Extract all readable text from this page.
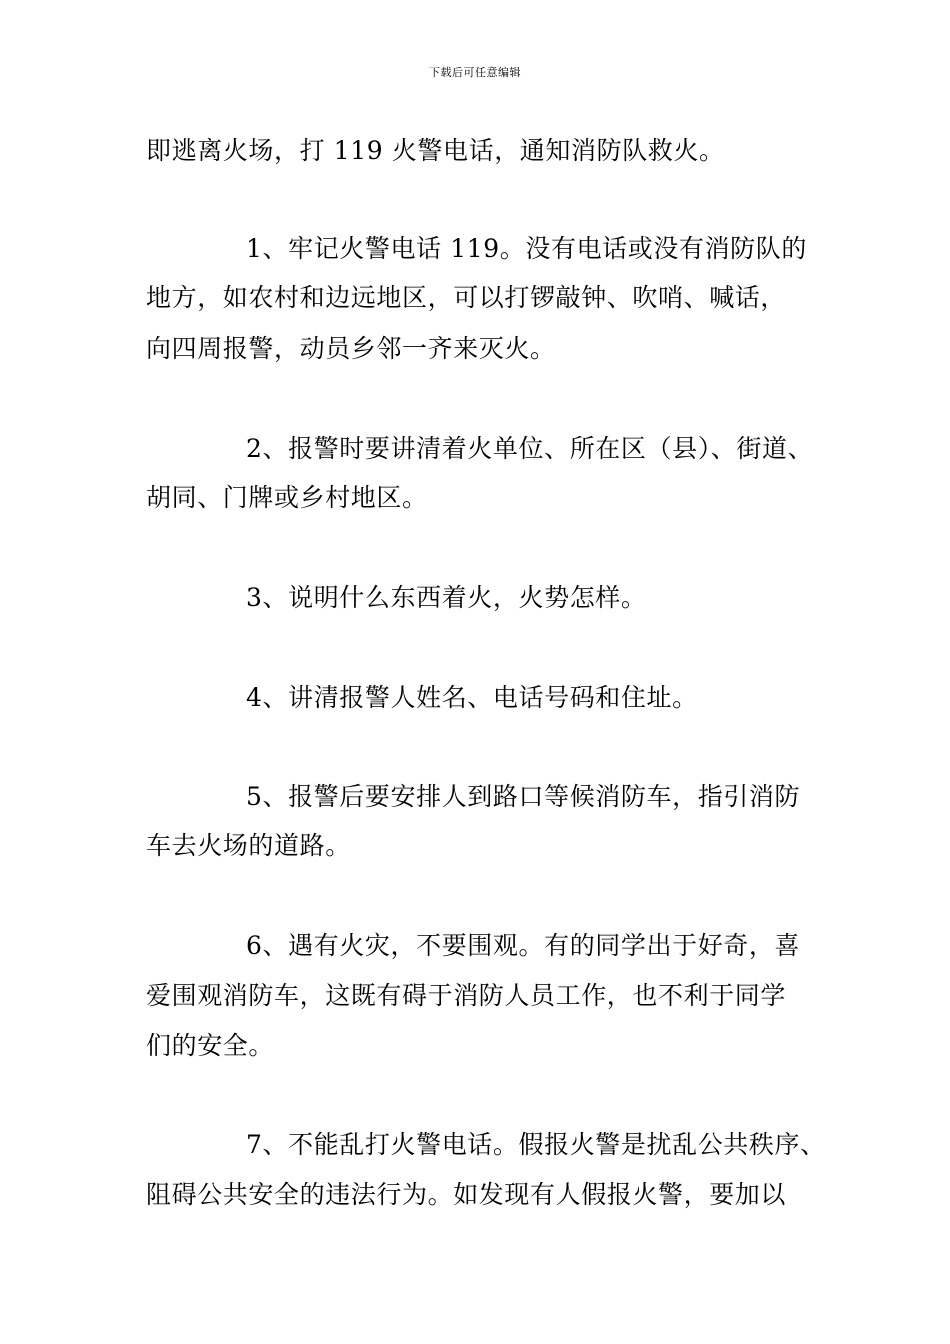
下载后可任意编辑

即逃离火场，打 119 火警电话，通知消防队救火。

1、牢记火警电话 119。没有电话或没有消防队的

地方，如农村和边远地区，可以打锣敲钟、吹哨、喊话，

向四周报警，动员乡邻一齐来灭火。

2、报警时要讲清着火单位、所在区（县）、街道、

胡同、门牌或乡村地区。

3、说明什么东西着火，火势怎样。

4、讲清报警人姓名、电话号码和住址。

5、报警后要安排人到路口等候消防车，指引消防

车去火场的道路。

6、遇有火灾，不要围观。有的同学出于好奇，喜

爱围观消防车，这既有碍于消防人员工作，也不利于同学

们的安全。

7、不能乱打火警电话。假报火警是扰乱公共秩序、

阻碍公共安全的违法行为。如发现有人假报火警，要加以
